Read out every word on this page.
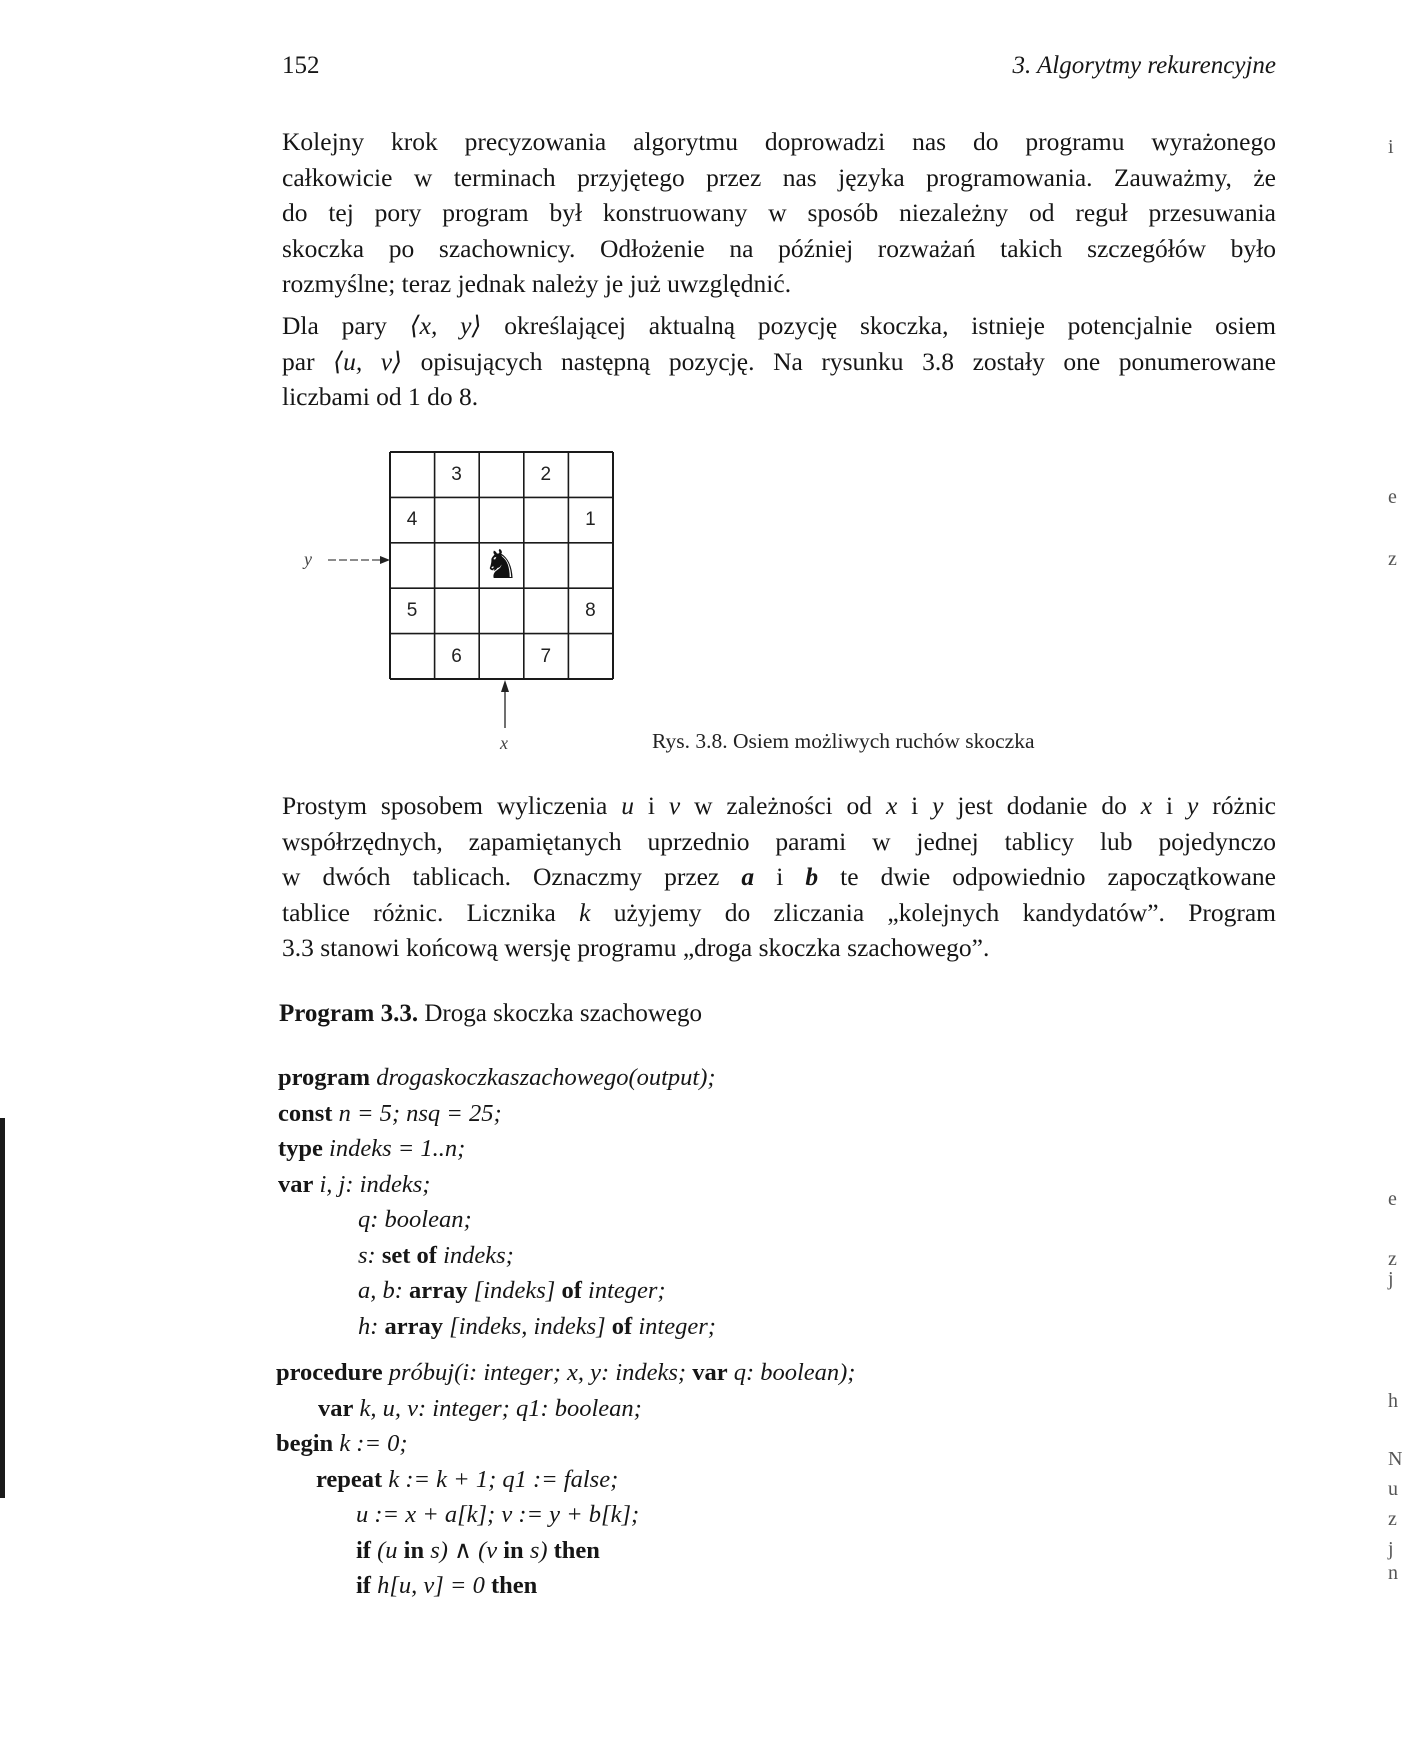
152	3. Algorytmy rekurencyjne
Kolejny krok precyzowania algorytmu doprowadzi nas do programu wyrażonego
całkowicie w terminach przyjętego przez nas języka programowania. Zauważmy, że
do tej pory program był konstruowany w sposób niezależny od reguł przesuwania
skoczka po szachownicy. Odłożenie na później rozważań takich szczegółów było
rozmyślne; teraz jednak należy je już uwzględnić.
Dla pary ⟨x, y⟩ określającej aktualną pozycję skoczka, istnieje potencjalnie osiem
par ⟨u, v⟩ opisujących następną pozycję. Na rysunku 3.8 zostały one ponumerowane
liczbami od 1 do 8.
1
2
3
4
5
6	7
8
♞
y
x	Rys. 3.8. Osiem możliwych ruchów skoczka
Prostym sposobem wyliczenia u i v w zależności od x i y jest dodanie do x i y różnic
współrzędnych, zapamiętanych uprzednio parami w jednej tablicy lub pojedynczo
w dwóch tablicach. Oznaczmy przez a i b te dwie odpowiednio zapoczątkowane
tablice różnic. Licznika k użyjemy do zliczania „kolejnych kandydatów”. Program
3.3 stanowi końcową wersję programu „droga skoczka szachowego”.
Program 3.3. Droga skoczka szachowego
program drogaskoczkaszachowego(output);
const n = 5; nsq = 25;
type indeks = 1..n;
var i, j: indeks;
q: boolean;
s: set of indeks;
a, b: array [indeks] of integer;
h: array [indeks, indeks] of integer;
procedure próbuj(i: integer; x, y: indeks; var q: boolean);
var k, u, v: integer; q1: boolean;
begin k := 0;
repeat k := k + 1; q1 := false;
u := x + a[k]; v := y + b[k];
if (u in s) ∧ (v in s) then
if h[u, v] = 0 then
i
e
z
e
z
j
h
N
u
z
j
n
